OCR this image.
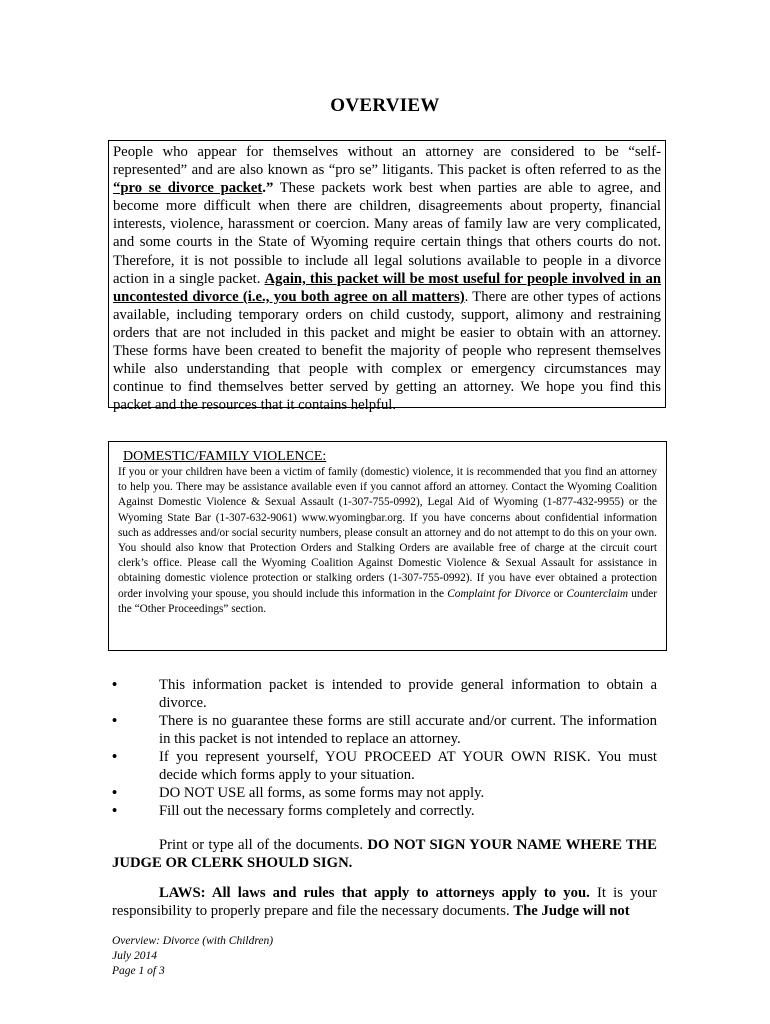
OVERVIEW

People who appear for themselves without an attorney are considered to be “self-represented” and are also known as “pro se” litigants. This packet is often referred to as the “pro se divorce packet.” These packets work best when parties are able to agree, and become more difficult when there are children, disagreements about property, financial interests, violence, harassment or coercion. Many areas of family law are very complicated, and some courts in the State of Wyoming require certain things that others courts do not. Therefore, it is not possible to include all legal solutions available to people in a divorce action in a single packet. Again, this packet will be most useful for people involved in an uncontested divorce (i.e., you both agree on all matters). There are other types of actions available, including temporary orders on child custody, support, alimony and restraining orders that are not included in this packet and might be easier to obtain with an attorney. These forms have been created to benefit the majority of people who represent themselves while also understanding that people with complex or emergency circumstances may continue to find themselves better served by getting an attorney. We hope you find this packet and the resources that it contains helpful.

DOMESTIC/FAMILY VIOLENCE:

If you or your children have been a victim of family (domestic) violence, it is recommended that you find an attorney to help you. There may be assistance available even if you cannot afford an attorney. Contact the Wyoming Coalition Against Domestic Violence & Sexual Assault (1-307-755-0992), Legal Aid of Wyoming (1-877-432-9955) or the Wyoming State Bar (1-307-632-9061) www.wyomingbar.org. If you have concerns about confidential information such as addresses and/or social security numbers, please consult an attorney and do not attempt to do this on your own. You should also know that Protection Orders and Stalking Orders are available free of charge at the circuit court clerk’s office. Please call the Wyoming Coalition Against Domestic Violence & Sexual Assault for assistance in obtaining domestic violence protection or stalking orders (1-307-755-0992). If you have ever obtained a protection order involving your spouse, you should include this information in the Complaint for Divorce or Counterclaim under the “Other Proceedings” section.

•	This information packet is intended to provide general information to obtain a divorce.
•	There is no guarantee these forms are still accurate and/or current. The information in this packet is not intended to replace an attorney.
•	If you represent yourself, YOU PROCEED AT YOUR OWN RISK. You must decide which forms apply to your situation.
•	DO NOT USE all forms, as some forms may not apply.
•	Fill out the necessary forms completely and correctly.
Print or type all of the documents. DO NOT SIGN YOUR NAME WHERE THE JUDGE OR CLERK SHOULD SIGN.
LAWS: All laws and rules that apply to attorneys apply to you. It is your responsibility to properly prepare and file the necessary documents. The Judge will not
Overview: Divorce (with Children)
July 2014
Page 1 of 3
